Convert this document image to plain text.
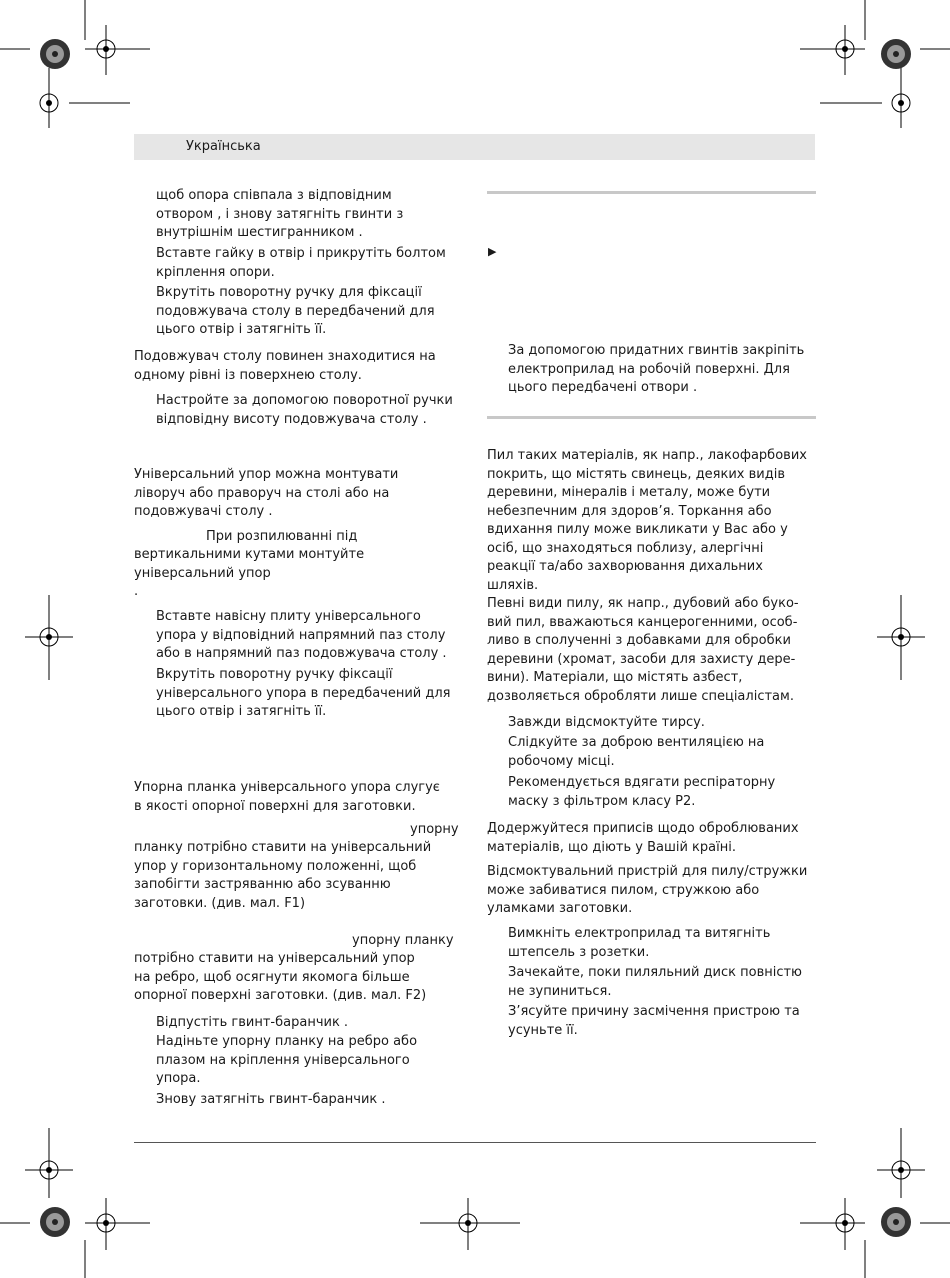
Українська
щоб опора співпала з відповідним
отвором , і знову затягніть гвинти з
внутрішнім шестигранником .
Вставте гайку в отвір і прикрутіть болтом
кріплення опори.
Вкрутіть поворотну ручку для фіксації
подовжувача столу в передбачений для
цього отвір і затягніть її.
Подовжувач столу повинен знаходитися на
одному рівні із поверхнею столу.
Настройте за допомогою поворотної ручки
відповідну висоту подовжувача столу .
Універсальний упор можна монтувати
ліворуч або праворуч на столі або на
подовжувачі столу .
При розпилюванні під
вертикальними кутами монтуйте
універсальний упор
.
Вставте навісну плиту універсального
упора у відповідний напрямний паз столу
або в напрямний паз подовжувача столу .
Вкрутіть поворотну ручку фіксації
універсального упора в передбачений для
цього отвір і затягніть її.
Упорна планка універсального упора слугує
в якості опорної поверхні для заготовки.
упорну
планку потрібно ставити на універсальний
упор у горизонтальному положенні, щоб
запобігти застряванню або зсуванню
заготовки. (див. мал. F1)
упорну планку
потрібно ставити на універсальний упор
на ребро, щоб осягнути якомога більше
опорної поверхні заготовки. (див. мал. F2)
Відпустіть гвинт-баранчик .
Надіньте упорну планку на ребро або
плазом на кріплення універсального
упора.
Знову затягніть гвинт-баранчик .
▶
За допомогою придатних гвинтів закріпіть
електроприлад на робочій поверхні. Для
цього передбачені отвори .
Пил таких матеріалів, як напр., лакофарбових
покрить, що містять свинець, деяких видів
деревини, мінералів і металу, може бути
небезпечним для здоров’я. Торкання або
вдихання пилу може викликати у Вас або у
осіб, що знаходяться поблизу, алергічні
реакції та/або захворювання дихальних
шляхів.
Певні види пилу, як напр., дубовий або буко-
вий пил, вважаються канцерогенними, особ-
ливо в сполученні з добавками для обробки
деревини (хромат, засоби для захисту дере-
вини). Матеріали, що містять азбест,
дозволяється обробляти лише спеціалістам.
Завжди відсмоктуйте тирсу.
Слідкуйте за доброю вентиляцією на
робочому місці.
Рекомендується вдягати респіраторну
маску з фільтром класу Р2.
Додержуйтеся приписів щодо оброблюваних
матеріалів, що діють у Вашій країні.
Відсмоктувальний пристрій для пилу/стружки
може забиватися пилом, стружкою або
уламками заготовки.
Вимкніть електроприлад та витягніть
штепсель з розетки.
Зачекайте, поки пиляльний диск повністю
не зупиниться.
З’ясуйте причину засмічення пристрою та
усуньте її.
